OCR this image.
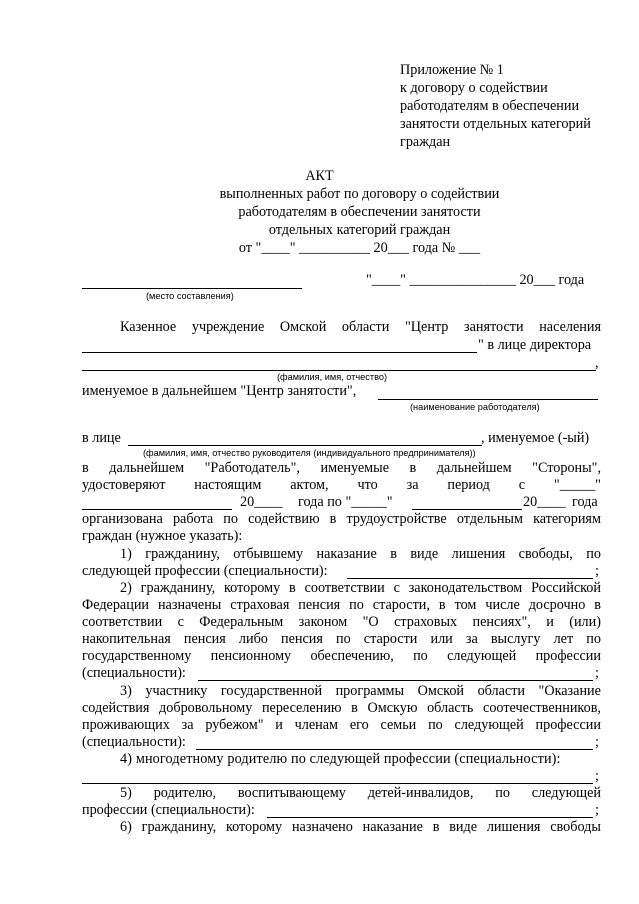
Приложение № 1
к договору о содействии
работодателям в обеспечении
занятости отдельных категорий
граждан
АКТ
выполненных работ по договору о содействии
работодателям в обеспечении занятости
отдельных категорий граждан
от "____" __________ 20___ года № ___
"____" _______________ 20___ года
(место составления)
Казенное учреждение Омской области "Центр занятости населения
" в лице директора
,
(фамилия, имя, отчество)
именуемое в дальнейшем "Центр занятости",
(наименование работодателя)
в лице	, именуемое (-ый)
(фамилия, имя, отчество руководителя (индивидуального предпринимателя))
в дальнейшем "Работодатель", именуемые в дальнейшем "Стороны",
удостоверяют настоящим актом, что за период с "_____"
20____ года по "_____"	20____ года
организована работа по содействию в трудоустройстве отдельным категориям
граждан (нужное указать):
1) гражданину, отбывшему наказание в виде лишения свободы, по
следующей профессии (специальности):	;
2) гражданину, которому в соответствии с законодательством Российской
Федерации назначены страховая пенсия по старости, в том числе досрочно в
соответствии с Федеральным законом "О страховых пенсиях", и (или)
накопительная пенсия либо пенсия по старости или за выслугу лет по
государственному пенсионному обеспечению, по следующей профессии
(специальности):	;
3) участнику государственной программы Омской области "Оказание
содействия добровольному переселению в Омскую область соотечественников,
проживающих за рубежом" и членам его семьи по следующей профессии
(специальности):	;
4) многодетному родителю по следующей профессии (специальности):
;
5) родителю, воспитывающему детей-инвалидов, по следующей
профессии (специальности):	;
6) гражданину, которому назначено наказание в виде лишения свободы
